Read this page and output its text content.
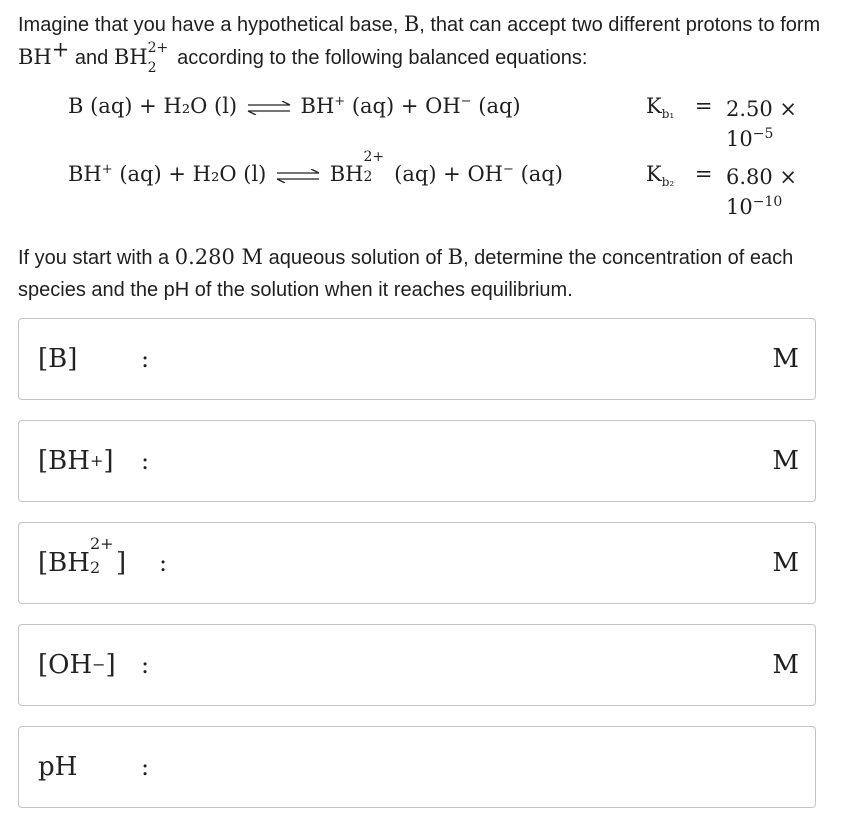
Imagine that you have a hypothetical base, B, that can accept two different protons to form BH+ and BH 2+
2 according to the following balanced equations:
B (aq) + H₂O (l) ⇌ BH+ (aq) + OH− (aq)	$K_{b_1} = 2.50$ ×
$10^{-5}$
BH+ (aq) + H₂O (l) ⇌ BH
2+
2 (aq) + OH− (aq)	$K_{b_2} = 6.80$ ×
$10^{-10}$
If you start with a 0.280 M aqueous solution of B, determine the concentration of each species and the pH of the solution when it reaches equilibrium.
[B]	:	M
[BH + ] :	M
[BH
2+
2 ] :	M
[OH − ] :	M
pH	:
